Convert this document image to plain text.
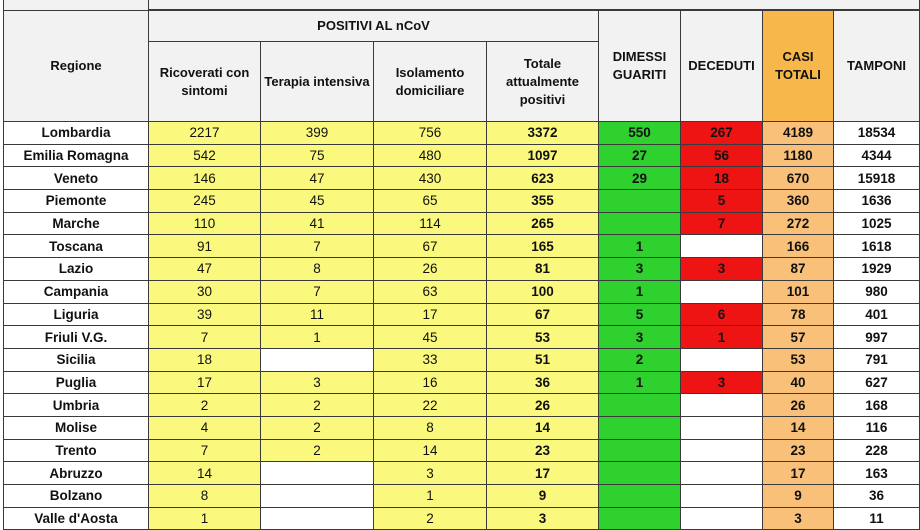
Regione	POSITIVI AL nCoV				DIMESSI GUARITI	DECEDUTI	CASI TOTALI	TAMPONI
	Ricoverati con sintomi	Terapia intensiva	Isolamento domiciliare	Totale attualmente positivi				
Lombardia	2217	399	756	3372	550	267	4189	18534
Emilia Romagna	542	75	480	1097	27	56	1180	4344
Veneto	146	47	430	623	29	18	670	15918
Piemonte	245	45	65	355		5	360	1636
Marche	110	41	114	265		7	272	1025
Toscana	91	7	67	165	1		166	1618
Lazio	47	8	26	81	3	3	87	1929
Campania	30	7	63	100	1		101	980
Liguria	39	11	17	67	5	6	78	401
Friuli V.G.	7	1	45	53	3	1	57	997
Sicilia	18		33	51	2		53	791
Puglia	17	3	16	36	1	3	40	627
Umbria	2	2	22	26			26	168
Molise	4	2	8	14			14	116
Trento	7	2	14	23			23	228
Abruzzo	14		3	17			17	163
Bolzano	8		1	9			9	36
Valle d'Aosta	1		2	3			3	11
